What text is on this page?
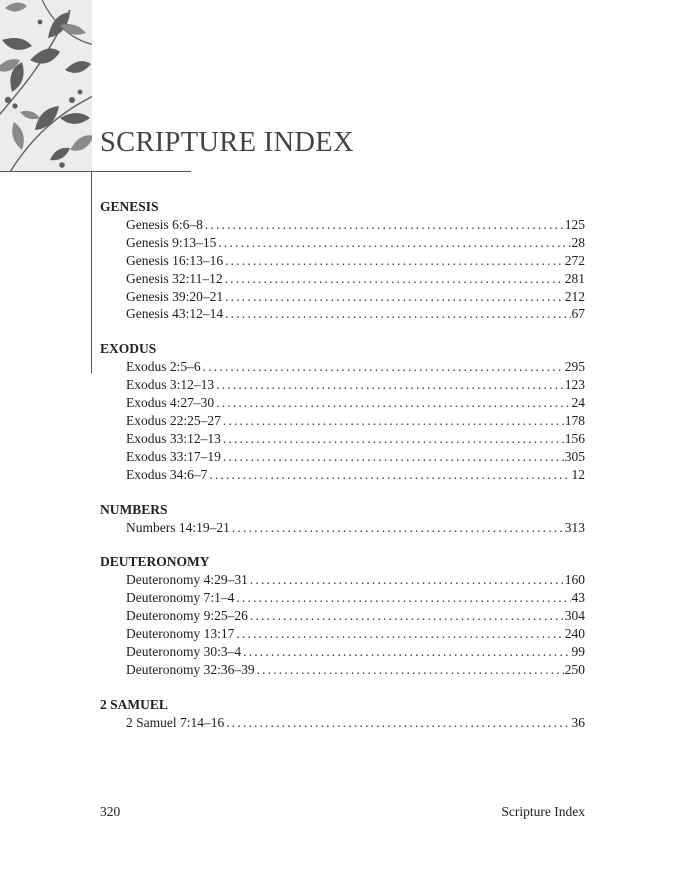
SCRIPTURE INDEX
GENESIS
Genesis 6:6–8 . . .	125
Genesis 9:13–15 . . .	28
Genesis 16:13–16 . . .	272
Genesis 32:11–12 . . .	281
Genesis 39:20–21 . . .	212
Genesis 43:12–14 . . .	67
EXODUS
Exodus 2:5–6 . . .	295
Exodus 3:12–13 . . .	123
Exodus 4:27–30 . . .	24
Exodus 22:25–27 . . .	178
Exodus 33:12–13 . . .	156
Exodus 33:17–19 . . .	305
Exodus 34:6–7 . . .	12
NUMBERS
Numbers 14:19–21 . . .	313
DEUTERONOMY
Deuteronomy 4:29–31 . . .	160
Deuteronomy 7:1–4 . . .	43
Deuteronomy 9:25–26 . . .	304
Deuteronomy 13:17 . . .	240
Deuteronomy 30:3–4 . . .	99
Deuteronomy 32:36–39 . . .	250
2 SAMUEL
2 Samuel 7:14–16 . . .	36
320	Scripture Index
